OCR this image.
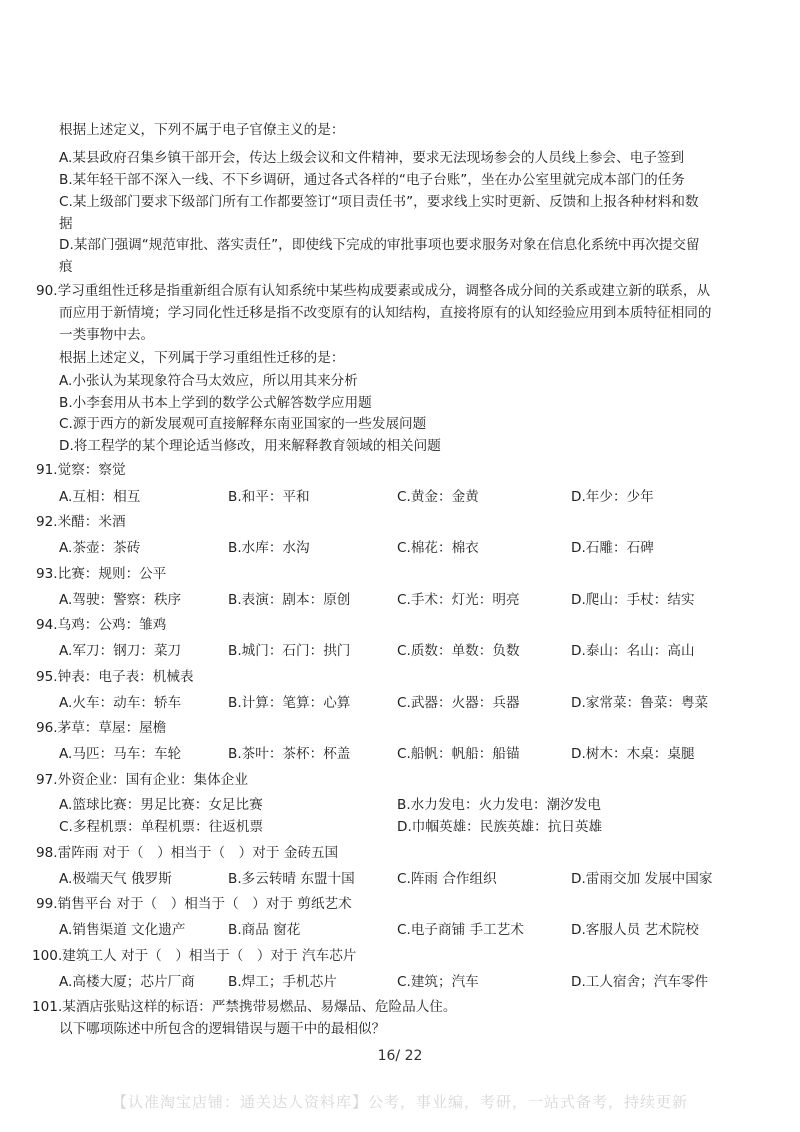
根据上述定义，下列不属于电子官僚主义的是：
A.某县政府召集乡镇干部开会，传达上级会议和文件精神，要求无法现场参会的人员线上参会、电子签到
B.某年轻干部不深入一线、不下乡调研，通过各式各样的“电子台账”，坐在办公室里就完成本部门的任务
C.某上级部门要求下级部门所有工作都要签订“项目责任书”，要求线上实时更新、反馈和上报各种材料和数
据
D.某部门强调“规范审批、落实责任”，即使线下完成的审批事项也要求服务对象在信息化系统中再次提交留
痕
90.学习重组性迁移是指重新组合原有认知系统中某些构成要素或成分，调整各成分间的关系或建立新的联系，从
而应用于新情境；学习同化性迁移是指不改变原有的认知结构，直接将原有的认知经验应用到本质特征相同的
一类事物中去。
根据上述定义，下列属于学习重组性迁移的是：
A.小张认为某现象符合马太效应，所以用其来分析
B.小李套用从书本上学到的数学公式解答数学应用题
C.源于西方的新发展观可直接解释东南亚国家的一些发展问题
D.将工程学的某个理论适当修改，用来解释教育领域的相关问题
91.觉察：察觉
A.互相：相互	B.和平：平和	C.黄金：金黄	D.年少：少年
92.米醋：米酒
A.茶壶：茶砖	B.水库：水沟	C.棉花：棉衣	D.石雕：石碑
93.比赛：规则：公平
A.驾驶：警察：秩序	B.表演：剧本：原创	C.手术：灯光：明亮	D.爬山：手杖：结实
94.乌鸡：公鸡：雏鸡
A.军刀：钢刀：菜刀	B.城门：石门：拱门	C.质数：单数：负数	D.泰山：名山：高山
95.钟表：电子表：机械表
A.火车：动车：轿车	B.计算：笔算：心算	C.武器：火器：兵器	D.家常菜：鲁菜：粤菜
96.茅草：草屋：屋檐
A.马匹：马车：车轮	B.茶叶：茶杯：杯盖	C.船帆：帆船：船锚	D.树木：木桌：桌腿
97.外资企业：国有企业：集体企业
A.篮球比赛：男足比赛：女足比赛	B.水力发电：火力发电：潮汐发电
C.多程机票：单程机票：往返机票	D.巾帼英雄：民族英雄：抗日英雄
98.雷阵雨 对于（　）相当于（　）对于 金砖五国
A.极端天气 俄罗斯	B.多云转晴 东盟十国	C.阵雨 合作组织	D.雷雨交加 发展中国家
99.销售平台 对于（　）相当于（　）对于 剪纸艺术
A.销售渠道 文化遗产	B.商品 窗花	C.电子商铺 手工艺术	D.客服人员 艺术院校
100.建筑工人 对于（　）相当于（　）对于 汽车芯片
A.高楼大厦；芯片厂商 B.焊工；手机芯片	C.建筑；汽车	D.工人宿舍；汽车零件
101.某酒店张贴这样的标语：严禁携带易燃品、易爆品、危险品人住。
以下哪项陈述中所包含的逻辑错误与题干中的最相似？
16/ 22
【认准淘宝店铺：通关达人资料库】公考，事业编，考研，一站式备考，持续更新
